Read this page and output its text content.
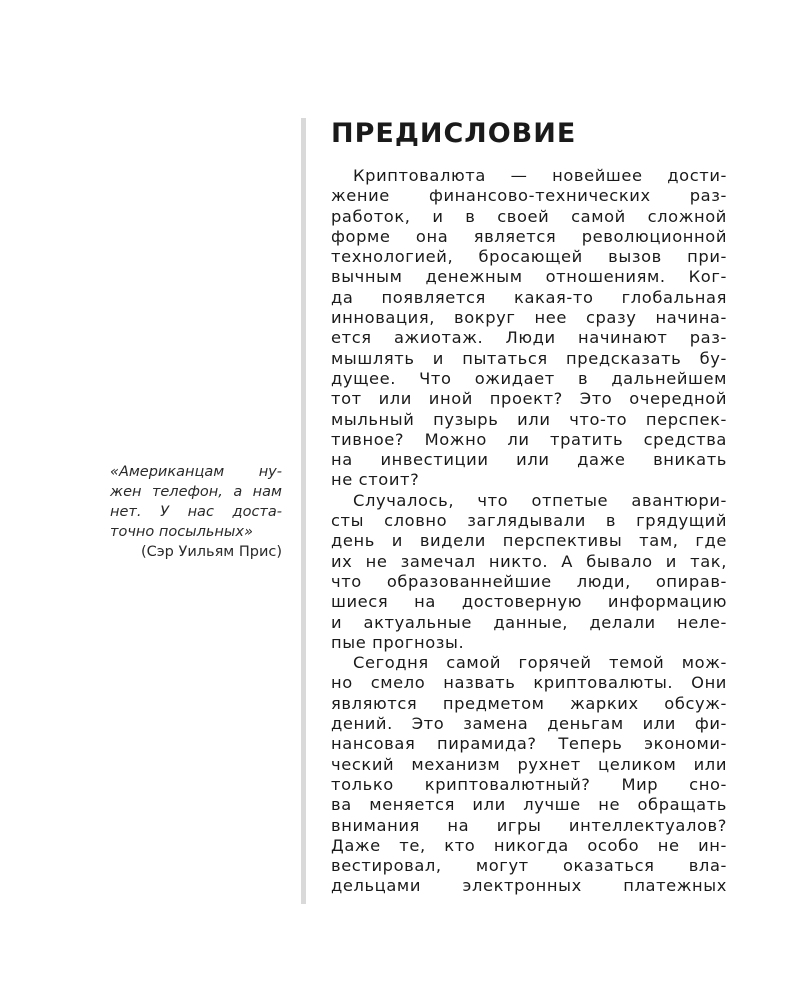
«Американцам ну-
жен телефон, а нам
нет. У нас доста-
точно посыльных»
(Сэр Уильям Прис)
ПРЕДИСЛОВИЕ

Криптовалюта — новейшее дости-
жение финансово-технических раз-
работок, и в своей самой сложной
форме она является революционной
технологией, бросающей вызов при-
вычным денежным отношениям. Ког-
да появляется какая-то глобальная
инновация, вокруг нее сразу начина-
ется ажиотаж. Люди начинают раз-
мышлять и пытаться предсказать бу-
дущее. Что ожидает в дальнейшем
тот или иной проект? Это очередной
мыльный пузырь или что-то перспек-
тивное? Можно ли тратить средства
на инвестиции или даже вникать
не стоит?

Случалось, что отпетые авантюри-
сты словно заглядывали в грядущий
день и видели перспективы там, где
их не замечал никто. А бывало и так,
что образованнейшие люди, опирав-
шиеся на достоверную информацию
и актуальные данные, делали неле-
пые прогнозы.

Сегодня самой горячей темой мож-
но смело назвать криптовалюты. Они
являются предметом жарких обсуж-
дений. Это замена деньгам или фи-
нансовая пирамида? Теперь экономи-
ческий механизм рухнет целиком или
только криптовалютный? Мир сно-
ва меняется или лучше не обращать
внимания на игры интеллектуалов?
Даже те, кто никогда особо не ин-
вестировал, могут оказаться вла-
дельцами электронных платежных
